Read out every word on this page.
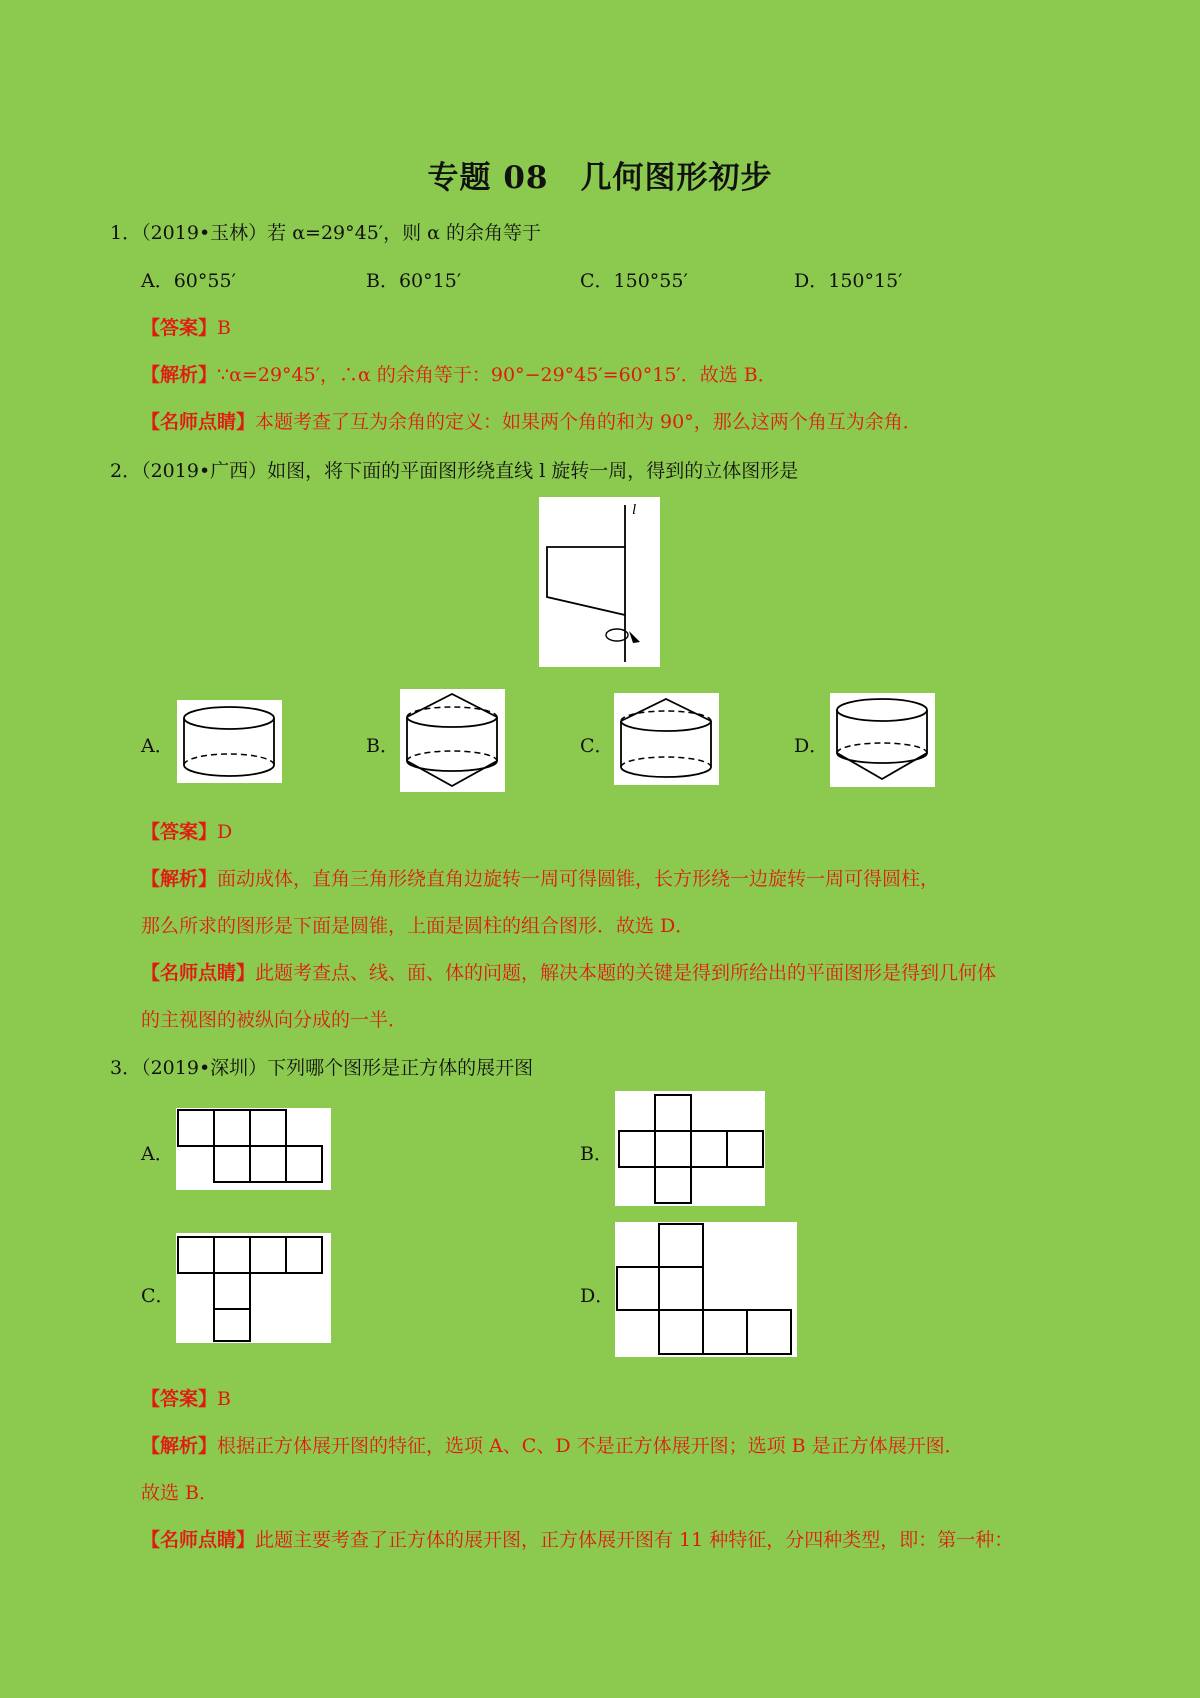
专题 08　几何图形初步
1．（2019•玉林）若 α=29°45′，则 α 的余角等于
A．60°55′	B．60°15′	C．150°55′	D．150°15′
【答案】B
【解析】∵α=29°45′，∴α 的余角等于：90°−29°45′=60°15′．故选 B．
【名师点睛】本题考查了互为余角的定义：如果两个角的和为 90°，那么这两个角互为余角．
2．（2019•广西）如图，将下面的平面图形绕直线 l 旋转一周，得到的立体图形是
l
A．	B．	C．	D．
【答案】D
【解析】面动成体，直角三角形绕直角边旋转一周可得圆锥，长方形绕一边旋转一周可得圆柱，
那么所求的图形是下面是圆锥，上面是圆柱的组合图形．故选 D．
【名师点睛】此题考查点、线、面、体的问题，解决本题的关键是得到所给出的平面图形是得到几何体
的主视图的被纵向分成的一半．
3．（2019•深圳）下列哪个图形是正方体的展开图
A．	B．
C．	D．
【答案】B
【解析】根据正方体展开图的特征，选项 A、C、D 不是正方体展开图；选项 B 是正方体展开图．
故选 B．
【名师点睛】此题主要考查了正方体的展开图，正方体展开图有 11 种特征，分四种类型，即：第一种：
